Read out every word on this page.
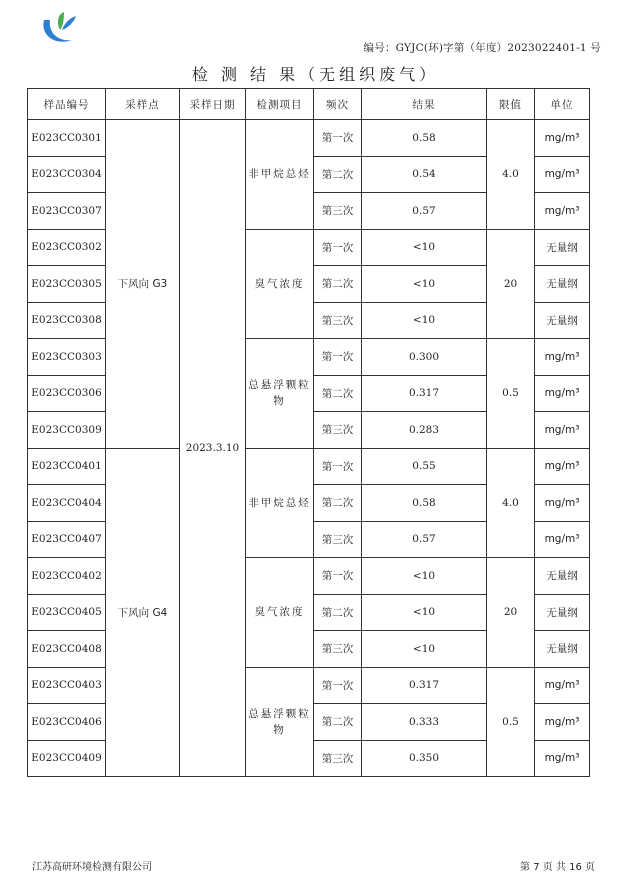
编号：GYJC(环)字第（年度）2023022401-1 号
检 测 结 果（无组织废气）
样品编号	采样点	采样日期	检测项目	频次	结果	限值	单位
E023CC0301	下风向 G3	2023.3.10	非甲烷总烃	第一次	0.58	4.0	mg/m³
E023CC0304				第二次	0.54		mg/m³
E023CC0307				第三次	0.57		mg/m³
E023CC0302			臭气浓度	第一次	<10	20	无量纲
E023CC0305				第二次	<10		无量纲
E023CC0308				第三次	<10		无量纲
E023CC0303			总悬浮颗粒物	第一次	0.300	0.5	mg/m³
E023CC0306				第二次	0.317		mg/m³
E023CC0309				第三次	0.283		mg/m³
E023CC0401	下风向 G4		非甲烷总烃	第一次	0.55	4.0	mg/m³
E023CC0404				第二次	0.58		mg/m³
E023CC0407				第三次	0.57		mg/m³
E023CC0402			臭气浓度	第一次	<10	20	无量纲
E023CC0405				第二次	<10		无量纲
E023CC0408				第三次	<10		无量纲
E023CC0403			总悬浮颗粒物	第一次	0.317	0.5	mg/m³
E023CC0406				第二次	0.333		mg/m³
E023CC0409				第三次	0.350		mg/m³
江苏高研环境检测有限公司	第 7 页 共 16 页
